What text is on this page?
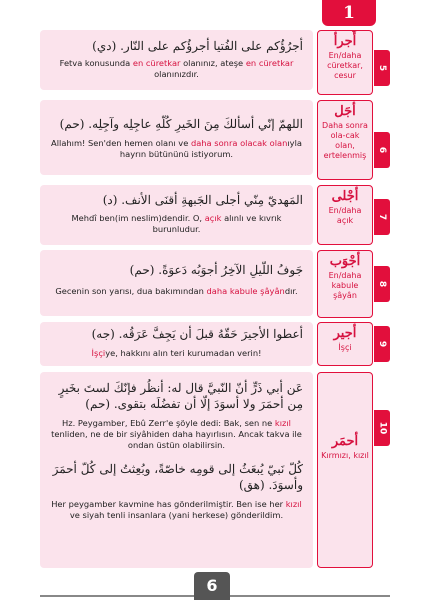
1
أجرُؤُكم على الفُتيا أجرؤُكم على النّار. (دي)
Fetva konusunda en cüretkar olanınız, ateşe en cüretkar olanınızdır.
أَجرأ
En/daha cüretkar, cesur
5
اللهمّ إنّي أسألكَ مِنَ الخَيرِ كُلّهِ عاجِلِه وآجِلِه. (حم)
Allahım! Sen'den hemen olanı ve daha sonra olacak olanıyla hayrın bütününü istiyorum.
أجَل
Daha sonra ola-cak olan, ertelenmiş
6
المَهديّ مِنّي أجلى الجَبهةِ أقنَى الأنف. (د)
Mehdî ben(im neslim)dendir. O, açık alınlı ve kıvrık burunludur.
أجْلى
En/daha açık	7
جَوفُ اللّيلِ الآخِرُ أجوَبُه دَعوَةً. (حم)
Gecenin son yarısı, dua bakımından daha kabule şâyândır.
أجْوَب
En/daha kabule şâyân
8
أعطوا الأجيرَ حَقّهُ قبلَ أن يَجِفَّ عَرَقُه. (جه)
İşçiye, hakkını alın teri kurumadan verin!
أجير
İşçi	9
عَن أبي ذَرٍّ أنّ النّبيَّ قال له: أنظُر فإنّكَ لستَ بخَيرٍ مِن أحمَرَ ولا أسوَدَ إلّا أن تفضُلَه بتقوى. (حم)
Hz. Peygamber, Ebû Zerr'e şöyle dedi: Bak, sen ne kızıl tenliden, ne de bir siyâhiden daha hayırlısın. Ancak takva ile ondan üstün olabilirsin.
كُلّ نَبيّ يُبعَثُ إلى قومِه خاصّةً، وبُعِثتُ إلى كُلّ أحمَرَ وأسوَدَ. (هق)
Her peygamber kavmine has gönderilmiştir. Ben ise her kızıl ve siyah tenli insanlara (yani herkese) gönderildim.
أحمَر
Kırmızı, kızıl
10
6
